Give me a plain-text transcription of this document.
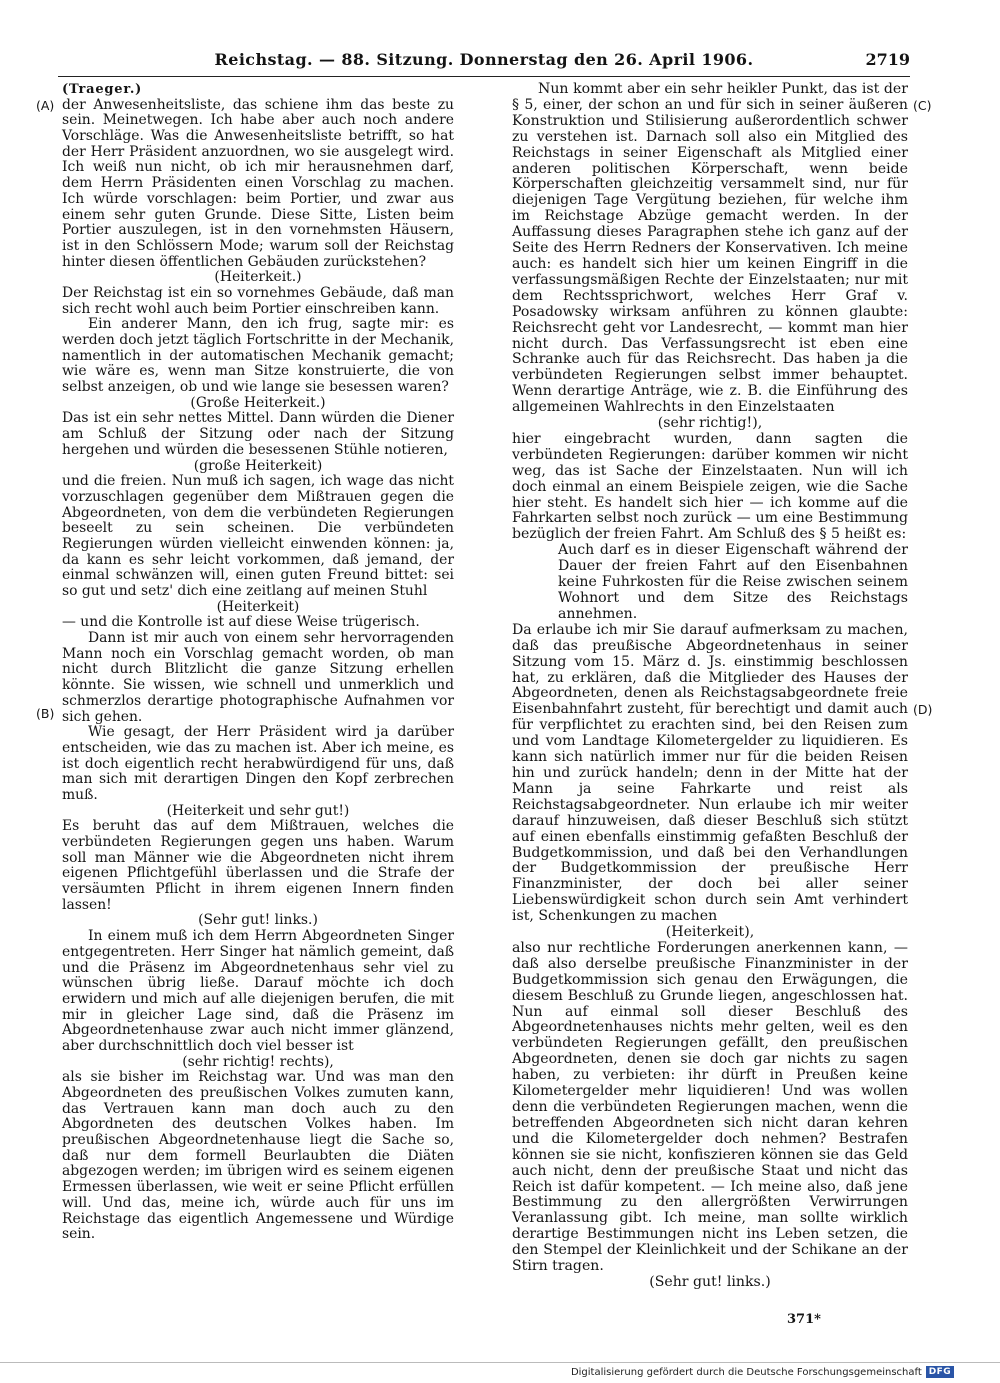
Reichstag. — 88. Sitzung. Donnerstag den 26. April 1906.	2719
(A)
(B)
(C)
(D)

(Traeger.)

der Anwesenheitsliste, das schiene ihm das beste zu sein. Meinetwegen. Ich habe aber auch noch andere Vorschläge. Was die Anwesenheitsliste betrifft, so hat der Herr Präsident anzuordnen, wo sie ausgelegt wird. Ich weiß nun nicht, ob ich mir herausnehmen darf, dem Herrn Präsidenten einen Vorschlag zu machen. Ich würde vorschlagen: beim Portier, und zwar aus einem sehr guten Grunde. Diese Sitte, Listen beim Portier auszulegen, ist in den vornehmsten Häusern, ist in den Schlössern Mode; warum soll der Reichstag hinter diesen öffentlichen Gebäuden zurückstehen?

(Heiterkeit.)

Der Reichstag ist ein so vornehmes Gebäude, daß man sich recht wohl auch beim Portier einschreiben kann.

Ein anderer Mann, den ich frug, sagte mir: es werden doch jetzt täglich Fortschritte in der Mechanik, namentlich in der automatischen Mechanik gemacht; wie wäre es, wenn man Sitze konstruierte, die von selbst anzeigen, ob und wie lange sie besessen waren?

(Große Heiterkeit.)

Das ist ein sehr nettes Mittel. Dann würden die Diener am Schluß der Sitzung oder nach der Sitzung hergehen und würden die besessenen Stühle notieren,

(große Heiterkeit)

und die freien. Nun muß ich sagen, ich wage das nicht vorzuschlagen gegenüber dem Mißtrauen gegen die Abgeordneten, von dem die verbündeten Regierungen beseelt zu sein scheinen. Die verbündeten Regierungen würden vielleicht einwenden können: ja, da kann es sehr leicht vorkommen, daß jemand, der einmal schwänzen will, einen guten Freund bittet: sei so gut und setz' dich eine zeitlang auf meinen Stuhl

(Heiterkeit)

— und die Kontrolle ist auf diese Weise trügerisch.

Dann ist mir auch von einem sehr hervorragenden Mann noch ein Vorschlag gemacht worden, ob man nicht durch Blitzlicht die ganze Sitzung erhellen könnte. Sie wissen, wie schnell und unmerklich und schmerzlos derartige photographische Aufnahmen vor sich gehen.

Wie gesagt, der Herr Präsident wird ja darüber entscheiden, wie das zu machen ist. Aber ich meine, es ist doch eigentlich recht herabwürdigend für uns, daß man sich mit derartigen Dingen den Kopf zerbrechen muß.

(Heiterkeit und sehr gut!)

Es beruht das auf dem Mißtrauen, welches die verbündeten Regierungen gegen uns haben. Warum soll man Männer wie die Abgeordneten nicht ihrem eigenen Pflichtgefühl überlassen und die Strafe der versäumten Pflicht in ihrem eigenen Innern finden lassen!

(Sehr gut! links.)

In einem muß ich dem Herrn Abgeordneten Singer entgegentreten. Herr Singer hat nämlich gemeint, daß und die Präsenz im Abgeordnetenhaus sehr viel zu wünschen übrig ließe. Darauf möchte ich doch erwidern und mich auf alle diejenigen berufen, die mit mir in gleicher Lage sind, daß die Präsenz im Abgeordnetenhause zwar auch nicht immer glänzend, aber durchschnittlich doch viel besser ist

(sehr richtig! rechts),

als sie bisher im Reichstag war. Und was man den Abgeordneten des preußischen Volkes zumuten kann, das Vertrauen kann man doch auch zu den Abgordneten des deutschen Volkes haben. Im preußischen Abgeordnetenhause liegt die Sache so, daß nur dem formell Beurlaubten die Diäten abgezogen werden; im übrigen wird es seinem eigenen Ermessen überlassen, wie weit er seine Pflicht erfüllen will. Und das, meine ich, würde auch für uns im Reichstage das eigentlich Angemessene und Würdige sein.

Nun kommt aber ein sehr heikler Punkt, das ist der § 5, einer, der schon an und für sich in seiner äußeren Konstruktion und Stilisierung außerordentlich schwer zu verstehen ist. Darnach soll also ein Mitglied des Reichstags in seiner Eigenschaft als Mitglied einer anderen politischen Körperschaft, wenn beide Körperschaften gleichzeitig versammelt sind, nur für diejenigen Tage Vergütung beziehen, für welche ihm im Reichstage Abzüge gemacht werden. In der Auffassung dieses Paragraphen stehe ich ganz auf der Seite des Herrn Redners der Konservativen. Ich meine auch: es handelt sich hier um keinen Eingriff in die verfassungsmäßigen Rechte der Einzelstaaten; nur mit dem Rechtssprichwort, welches Herr Graf v. Posadowsky wirksam anführen zu können glaubte: Reichsrecht geht vor Landesrecht, — kommt man hier nicht durch. Das Verfassungsrecht ist eben eine Schranke auch für das Reichsrecht. Das haben ja die verbündeten Regierungen selbst immer behauptet. Wenn derartige Anträge, wie z. B. die Einführung des allgemeinen Wahlrechts in den Einzelstaaten

(sehr richtig!),

hier eingebracht wurden, dann sagten die verbündeten Regierungen: darüber kommen wir nicht weg, das ist Sache der Einzelstaaten. Nun will ich doch einmal an einem Beispiele zeigen, wie die Sache hier steht. Es handelt sich hier — ich komme auf die Fahrkarten selbst noch zurück — um eine Bestimmung bezüglich der freien Fahrt. Am Schluß des § 5 heißt es:

Auch darf es in dieser Eigenschaft während der Dauer der freien Fahrt auf den Eisenbahnen keine Fuhrkosten für die Reise zwischen seinem Wohnort und dem Sitze des Reichstags annehmen.

Da erlaube ich mir Sie darauf aufmerksam zu machen, daß das preußische Abgeordnetenhaus in seiner Sitzung vom 15. März d. Js. einstimmig beschlossen hat, zu erklären, daß die Mitglieder des Hauses der Abgeordneten, denen als Reichstagsabgeordnete freie Eisenbahnfahrt zusteht, für berechtigt und damit auch für verpflichtet zu erachten sind, bei den Reisen zum und vom Landtage Kilometergelder zu liquidieren. Es kann sich natürlich immer nur für die beiden Reisen hin und zurück handeln; denn in der Mitte hat der Mann ja seine Fahrkarte und reist als Reichstagsabgeordneter. Nun erlaube ich mir weiter darauf hinzuweisen, daß dieser Beschluß sich stützt auf einen ebenfalls einstimmig gefaßten Beschluß der Budgetkommission, und daß bei den Verhandlungen der Budgetkommission der preußische Herr Finanzminister, der doch bei aller seiner Liebenswürdigkeit schon durch sein Amt verhindert ist, Schenkungen zu machen

(Heiterkeit),

also nur rechtliche Forderungen anerkennen kann, — daß also derselbe preußische Finanzminister in der Budgetkommission sich genau den Erwägungen, die diesem Beschluß zu Grunde liegen, angeschlossen hat. Nun auf einmal soll dieser Beschluß des Abgeordnetenhauses nichts mehr gelten, weil es den verbündeten Regierungen gefällt, den preußischen Abgeordneten, denen sie doch gar nichts zu sagen haben, zu verbieten: ihr dürft in Preußen keine Kilometergelder mehr liquidieren! Und was wollen denn die verbündeten Regierungen machen, wenn die betreffenden Abgeordneten sich nicht daran kehren und die Kilometergelder doch nehmen? Bestrafen können sie sie nicht, konfiszieren können sie das Geld auch nicht, denn der preußische Staat und nicht das Reich ist dafür kompetent. — Ich meine also, daß jene Bestimmung zu den allergrößten Verwirrungen Veranlassung gibt. Ich meine, man sollte wirklich derartige Bestimmungen nicht ins Leben setzen, die den Stempel der Kleinlichkeit und der Schikane an der Stirn tragen.

(Sehr gut! links.)

371*
Digitalisierung gefördert durch die Deutsche Forschungsgemeinschaft DFG
